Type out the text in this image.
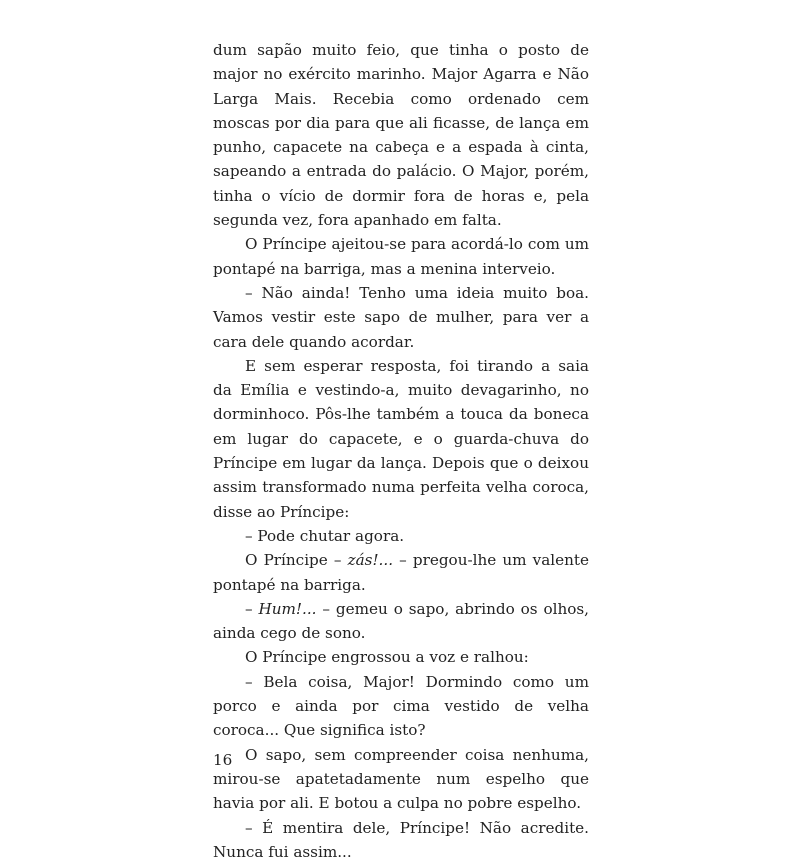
dum sapão muito feio, que tinha o posto de major no exército marinho. Major Agarra e Não Larga Mais. Recebia como ordenado cem moscas por dia para que ali ficasse, de lança em punho, capacete na cabeça e a espada à cinta, sapeando a entrada do palácio. O Major, porém, tinha o vício de dormir fora de horas e, pela segunda vez, fora apanhado em falta.

O Príncipe ajeitou-se para acordá-lo com um pontapé na barriga, mas a menina interveio.

– Não ainda! Tenho uma ideia muito boa. Vamos vestir este sapo de mulher, para ver a cara dele quando acordar.

E sem esperar resposta, foi tirando a saia da Emília e vestindo-a, muito devagarinho, no dorminhoco. Pôs-lhe também a touca da boneca em lugar do capacete, e o guarda-chuva do Príncipe em lugar da lança. Depois que o deixou assim transformado numa perfeita velha coroca, disse ao Príncipe:

– Pode chutar agora.

O Príncipe – zás!... – pregou-lhe um valente pontapé na barriga.

– Hum!... – gemeu o sapo, abrindo os olhos, ainda cego de sono.

O Príncipe engrossou a voz e ralhou:

– Bela coisa, Major! Dormindo como um porco e ainda por cima vestido de velha coroca... Que significa isto?

O sapo, sem compreender coisa nenhuma, mirou-se apatetadamente num espelho que havia por ali. E botou a culpa no pobre espelho.

– É mentira dele, Príncipe! Não acredite. Nunca fui assim...

16
